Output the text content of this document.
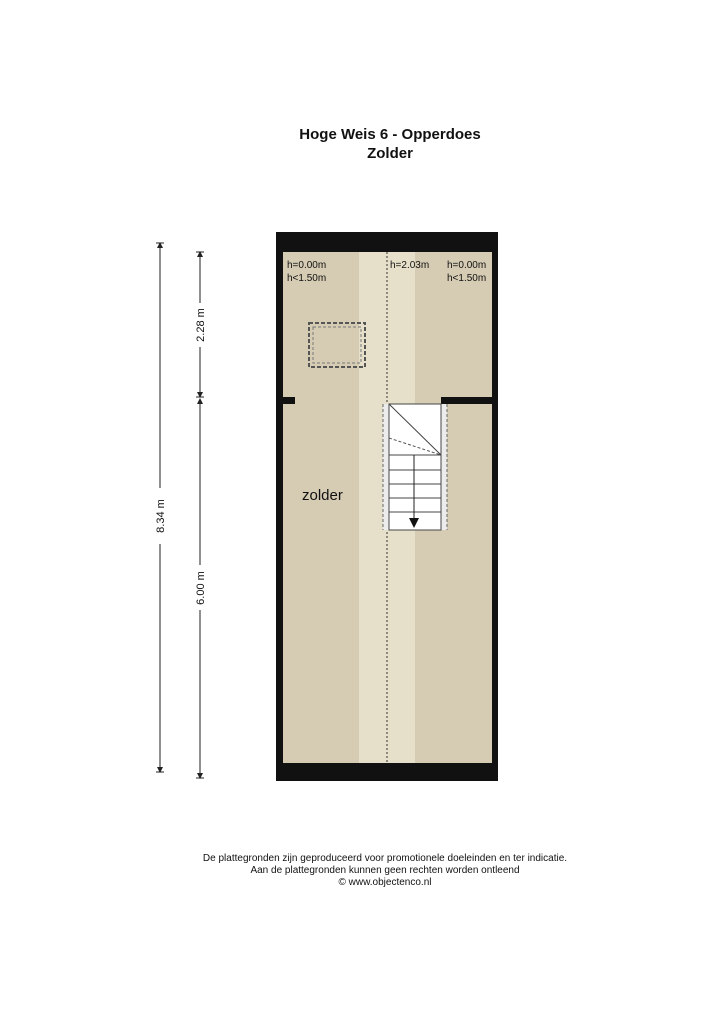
Hoge Weis 6 - Opperdoes
Zolder
h=0.00m
h<1.50m
h=2.03m h=0.00m
h<1.50m
zolder
8.34 m
2.28 m
6.00 m
De plattegronden zijn geproduceerd voor promotionele doeleinden en ter indicatie.
Aan de plattegronden kunnen geen rechten worden ontleend
© www.objectenco.nl
